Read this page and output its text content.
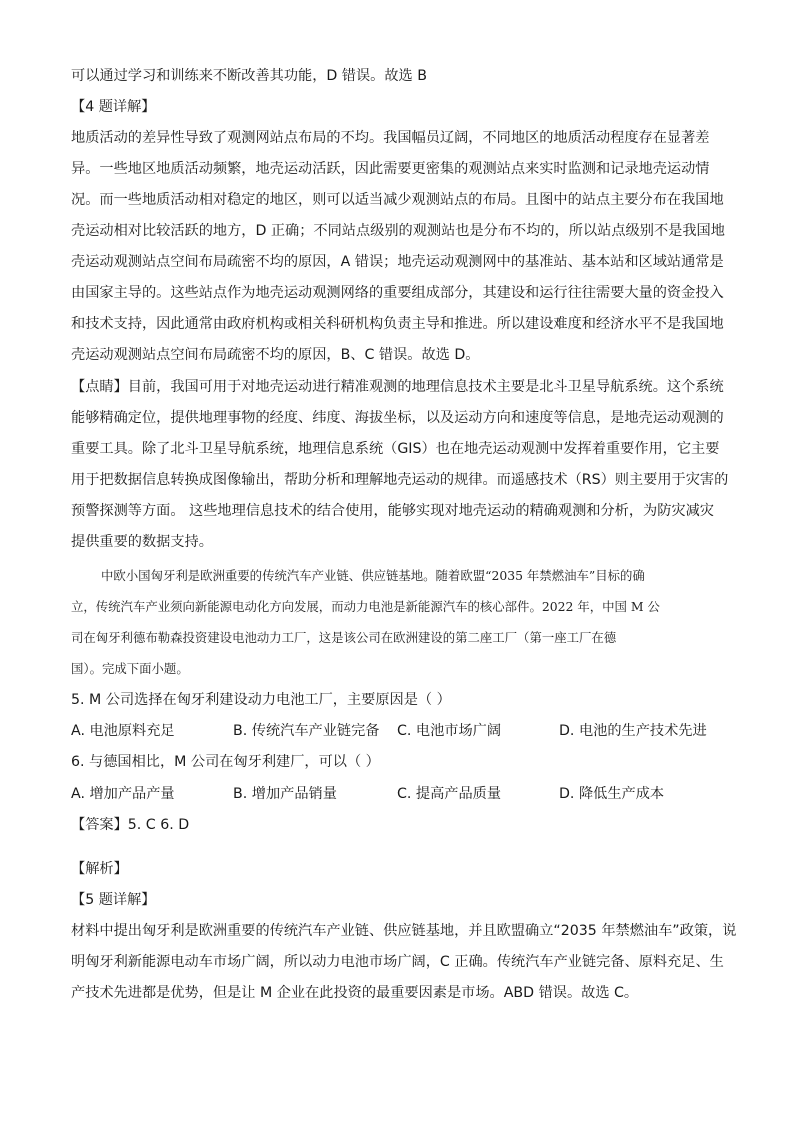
可以通过学习和训练来不断改善其功能，D 错误。故选 B
【4 题详解】
地质活动的差异性导致了观测网站点布局的不均。我国幅员辽阔，不同地区的地质活动程度存在显著差
异。一些地区地质活动频繁，地壳运动活跃，因此需要更密集的观测站点来实时监测和记录地壳运动情
况。而一些地质活动相对稳定的地区，则可以适当减少观测站点的布局。且图中的站点主要分布在我国地
壳运动相对比较活跃的地方，D 正确；不同站点级别的观测站也是分布不均的，所以站点级别不是我国地
壳运动观测站点空间布局疏密不均的原因，A 错误；地壳运动观测网中的基准站、基本站和区域站通常是
由国家主导的。这些站点作为地壳运动观测网络的重要组成部分，其建设和运行往往需要大量的资金投入
和技术支持，因此通常由政府机构或相关科研机构负责主导和推进。所以建设难度和经济水平不是我国地
壳运动观测站点空间布局疏密不均的原因，B、C 错误。故选 D。
【点睛】目前，我国可用于对地壳运动进行精准观测的地理信息技术主要是北斗卫星导航系统。这个系统
能够精确定位，提供地理事物的经度、纬度、海拔坐标，以及运动方向和速度等信息，是地壳运动观测的
重要工具。除了北斗卫星导航系统，地理信息系统（GIS）也在地壳运动观测中发挥着重要作用，它主要
用于把数据信息转换成图像输出，帮助分析和理解地壳运动的规律。而遥感技术（RS）则主要用于灾害的
预警探测等方面。 这些地理信息技术的结合使用，能够实现对地壳运动的精确观测和分析，为防灾减灾
提供重要的数据支持。
中欧小国匈牙利是欧洲重要的传统汽车产业链、供应链基地。随着欧盟“2035 年禁燃油车”目标的确
立，传统汽车产业须向新能源电动化方向发展，而动力电池是新能源汽车的核心部件。2022 年，中国 M 公
司在匈牙利德布勒森投资建设电池动力工厂，这是该公司在欧洲建设的第二座工厂（第一座工厂在德
国）。完成下面小题。
5. M 公司选择在匈牙利建设动力电池工厂，主要原因是（ ）
A. 电池原料充足	B. 传统汽车产业链完备 C. 电池市场广阔	D. 电池的生产技术先进
6. 与德国相比，M 公司在匈牙利建厂，可以（ ）
A. 增加产品产量	B. 增加产品销量	C. 提高产品质量	D. 降低生产成本
【答案】5. C 6. D
【解析】
【5 题详解】
材料中提出匈牙利是欧洲重要的传统汽车产业链、供应链基地，并且欧盟确立“2035 年禁燃油车”政策，说
明匈牙利新能源电动车市场广阔，所以动力电池市场广阔，C 正确。传统汽车产业链完备、原料充足、生
产技术先进都是优势，但是让 M 企业在此投资的最重要因素是市场。ABD 错误。故选 C。
